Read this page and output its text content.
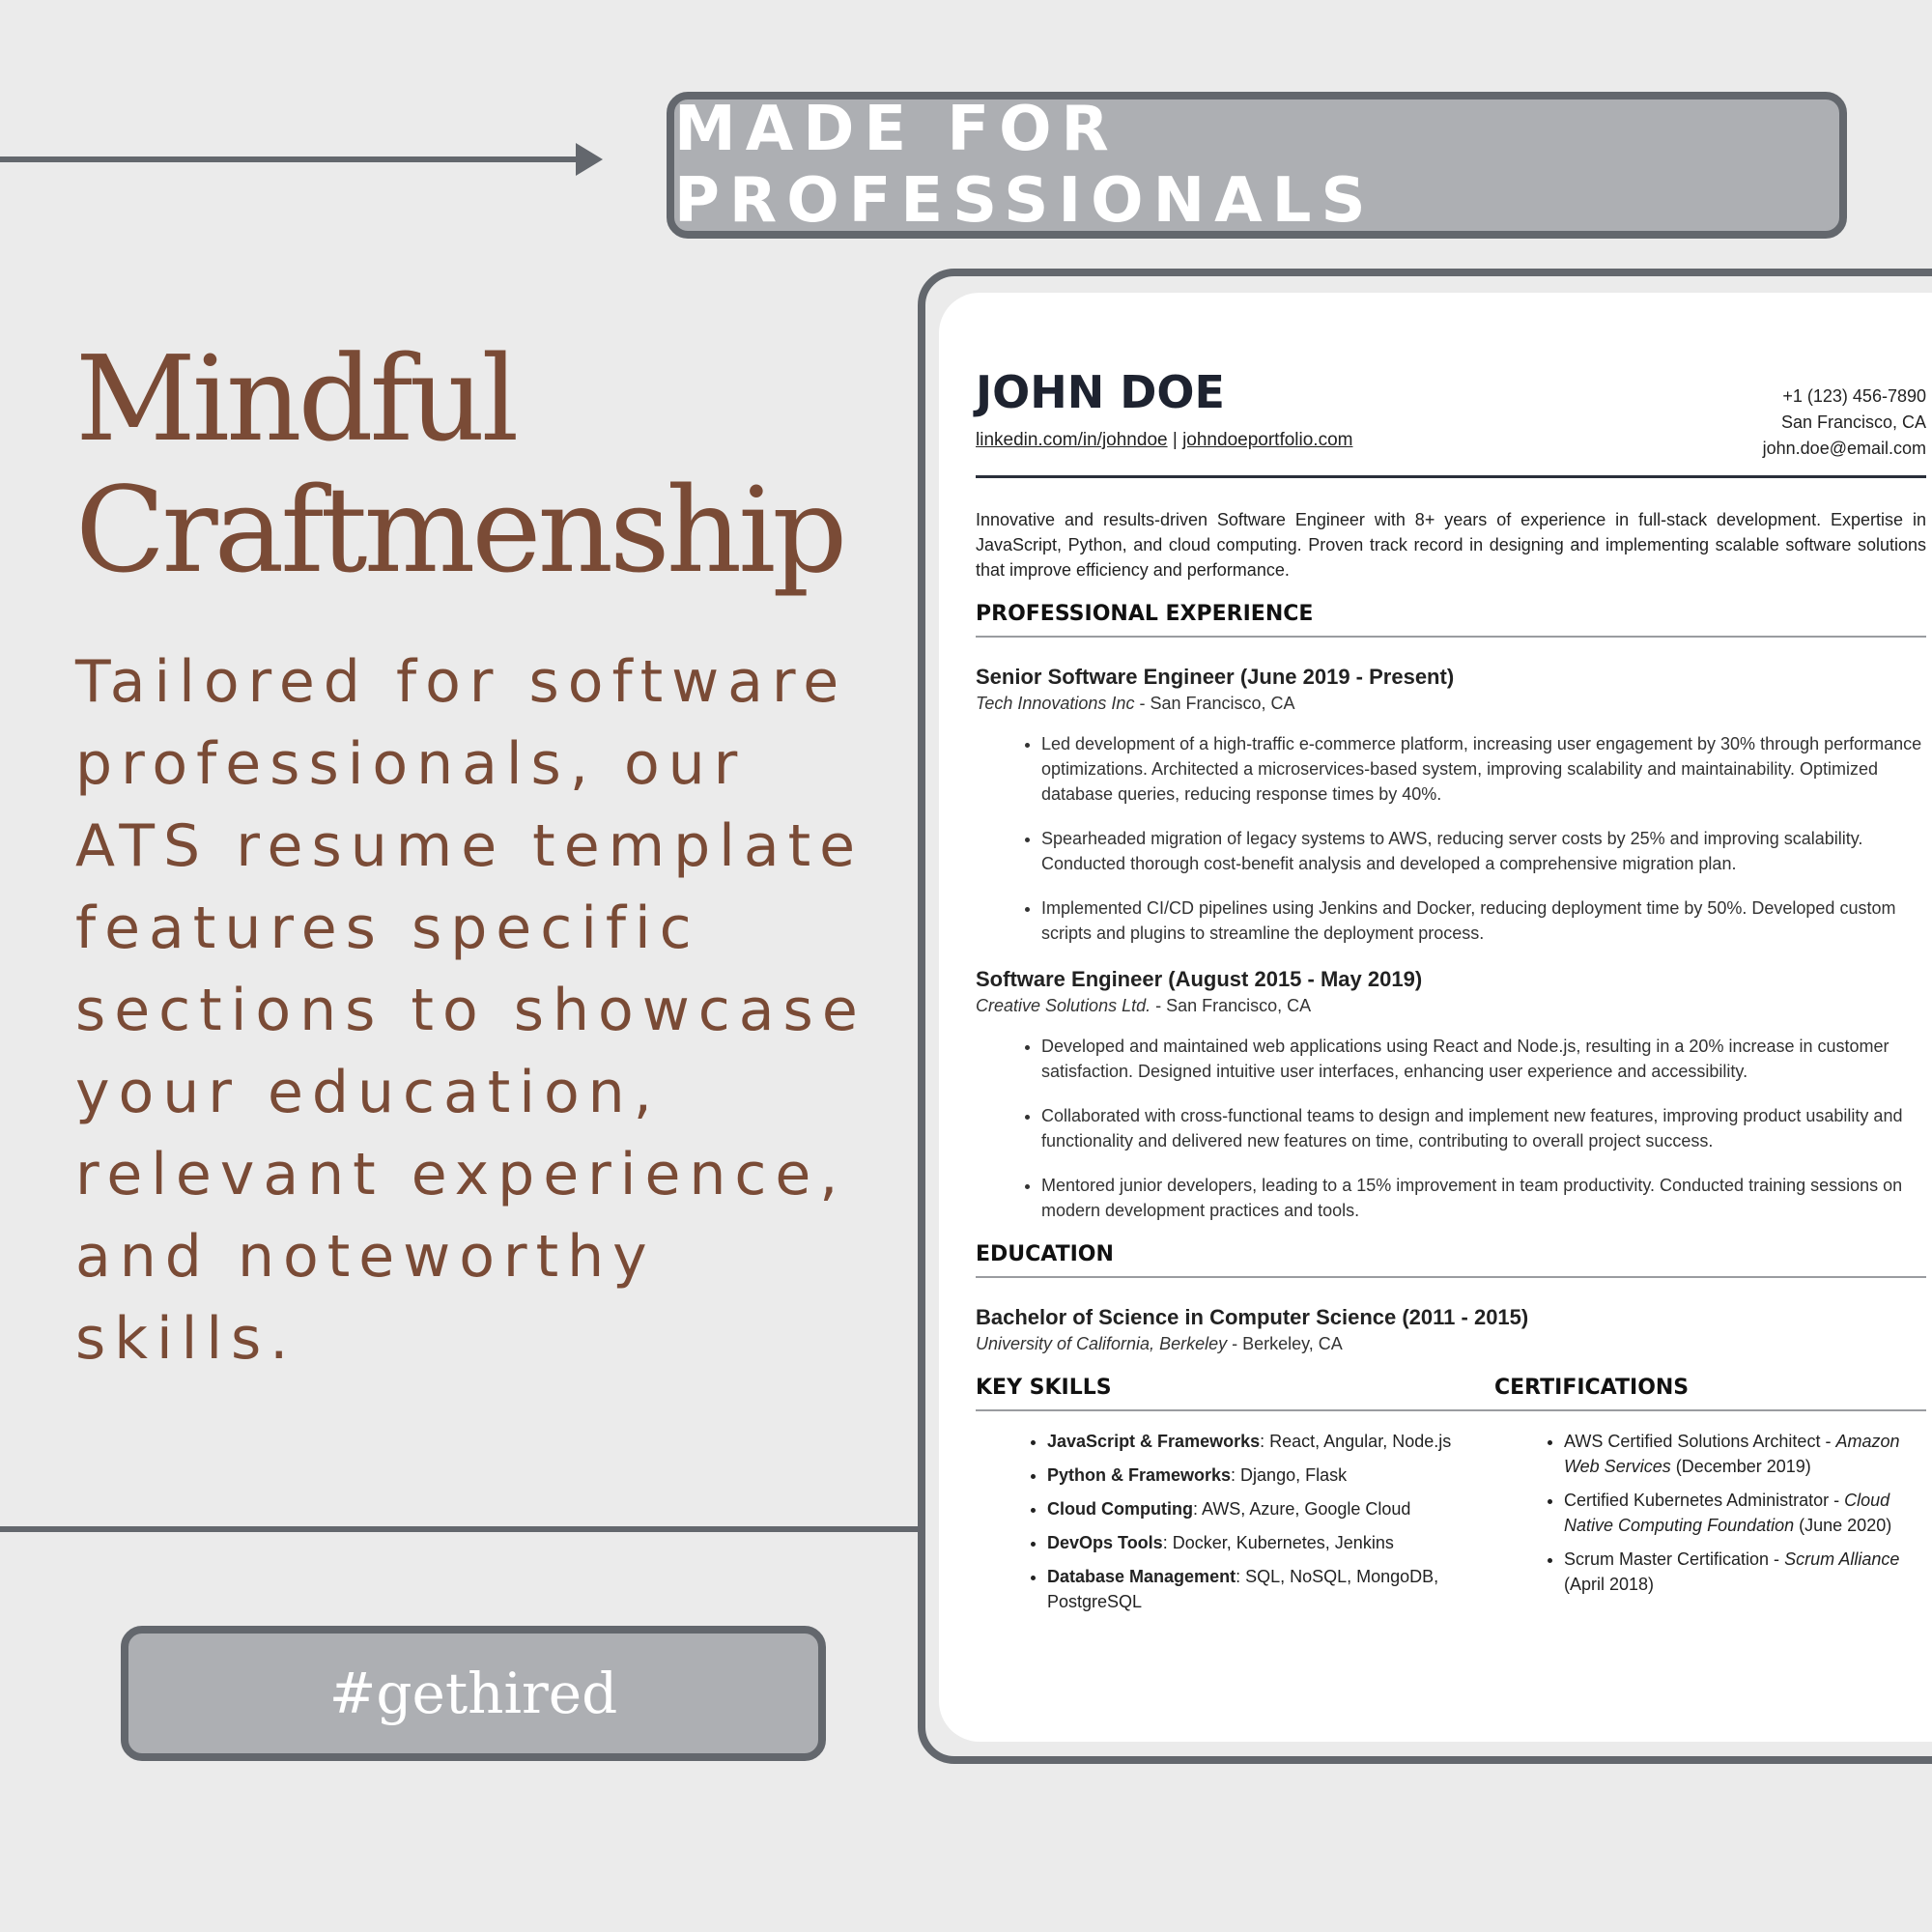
MADE FOR PROFESSIONALS
Mindful
Craftmenship
Tailored for software professionals, our ATS resume template features specific sections to showcase your education, relevant experience, and noteworthy skills.
#gethired
JOHN DOE
linkedin.com/in/johndoe | johndoeportfolio.com
+1 (123) 456-7890
San Francisco, CA
john.doe@email.com

Innovative and results-driven Software Engineer with 8+ years of experience in full-stack development. Expertise in JavaScript, Python, and cloud computing. Proven track record in designing and implementing scalable software solutions that improve efficiency and performance.

PROFESSIONAL EXPERIENCE

Senior Software Engineer (June 2019 - Present)

Tech Innovations Inc - San Francisco, CA
• Led development of a high-traffic e-commerce platform, increasing user engagement by 30% through performance optimizations. Architected a microservices-based system, improving scalability and maintainability. Optimized database queries, reducing response times by 40%.
• Spearheaded migration of legacy systems to AWS, reducing server costs by 25% and improving scalability. Conducted thorough cost-benefit analysis and developed a comprehensive migration plan.
• Implemented CI/CD pipelines using Jenkins and Docker, reducing deployment time by 50%. Developed custom scripts and plugins to streamline the deployment process.

Software Engineer (August 2015 - May 2019)

Creative Solutions Ltd. - San Francisco, CA
• Developed and maintained web applications using React and Node.js, resulting in a 20% increase in customer satisfaction. Designed intuitive user interfaces, enhancing user experience and accessibility.
• Collaborated with cross-functional teams to design and implement new features, improving product usability and functionality and delivered new features on time, contributing to overall project success.
• Mentored junior developers, leading to a 15% improvement in team productivity. Conducted training sessions on modern development practices and tools.
EDUCATION

Bachelor of Science in Computer Science (2011 - 2015)

University of California, Berkeley - Berkeley, CA
KEY SKILLS	CERTIFICATIONS
• JavaScript & Frameworks: React, Angular, Node.js
• Python & Frameworks: Django, Flask
• Cloud Computing: AWS, Azure, Google Cloud
• DevOps Tools: Docker, Kubernetes, Jenkins
• Database Management: SQL, NoSQL, MongoDB, PostgreSQL
• AWS Certified Solutions Architect - Amazon Web Services (December 2019)
• Certified Kubernetes Administrator - Cloud Native Computing Foundation (June 2020)
• Scrum Master Certification - Scrum Alliance (April 2018)
